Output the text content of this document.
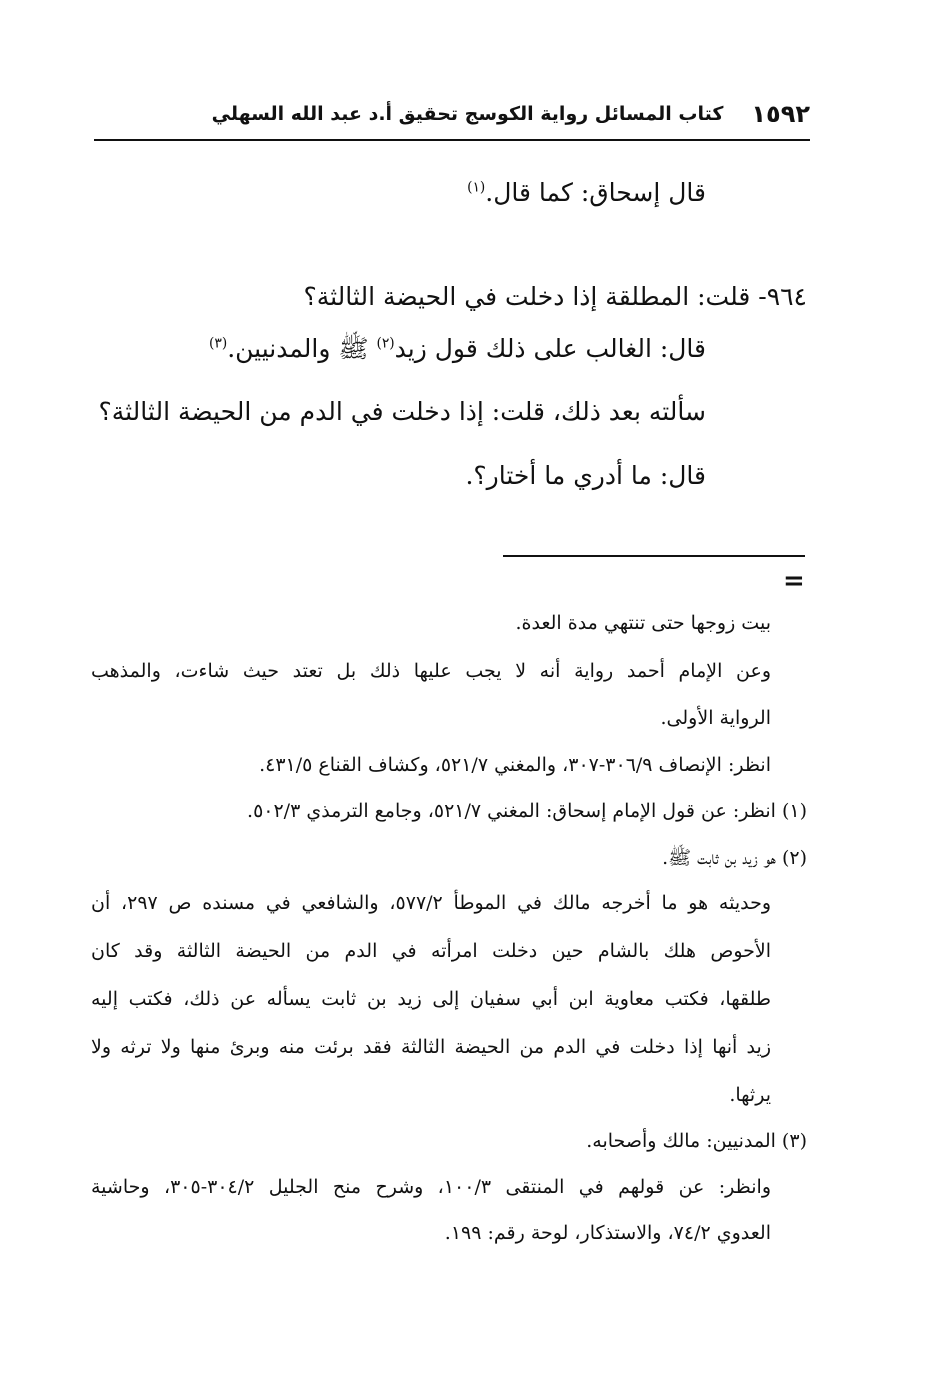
١٥٩٢
كتاب المسائل رواية الكوسج تحقيق أ.د عبد الله السهلي
قال إسحاق: كما قال.$^{(١)}$
٩٦٤- قلت: المطلقة إذا دخلت في الحيضة الثالثة؟
قال: الغالب على ذلك قول زيد$^{(٢)}$ ﷺ والمدنيين.$^{(٣)}$
سألته بعد ذلك، قلت: إذا دخلت في الدم من الحيضة الثالثة؟
قال: ما أدري ما أختار؟.
=
بيت زوجها حتى تنتهي مدة العدة.
وعن الإمام أحمد رواية أنه لا يجب عليها ذلك بل تعتد حيث شاءت، والمذهب
الرواية الأولى.
انظر: الإنصاف ٣٠٦/٩-٣٠٧، والمغني ٥٢١/٧، وكشاف القناع ٤٣١/٥.
(١) انظر: عن قول الإمام إسحاق: المغني ٥٢١/٧، وجامع الترمذي ٥٠٢/٣.
(٢) هو زيد بن ثابت ﷺ.
وحديثه هو ما أخرجه مالك في الموطأ ٥٧٧/٢، والشافعي في مسنده ص ٢٩٧، أن
الأحوص هلك بالشام حين دخلت امرأته في الدم من الحيضة الثالثة وقد كان
طلقها، فكتب معاوية ابن أبي سفيان إلى زيد بن ثابت يسأله عن ذلك، فكتب إليه
زيد أنها إذا دخلت في الدم من الحيضة الثالثة فقد برئت منه وبرئ منها ولا ترثه ولا
يرثها.
(٣) المدنيين: مالك وأصحابه.
وانظر: عن قولهم في المنتقى ١٠٠/٣، وشرح منح الجليل ٣٠٤/٢-٣٠٥، وحاشية
العدوي ٧٤/٢، والاستذكار، لوحة رقم: ١٩٩.
